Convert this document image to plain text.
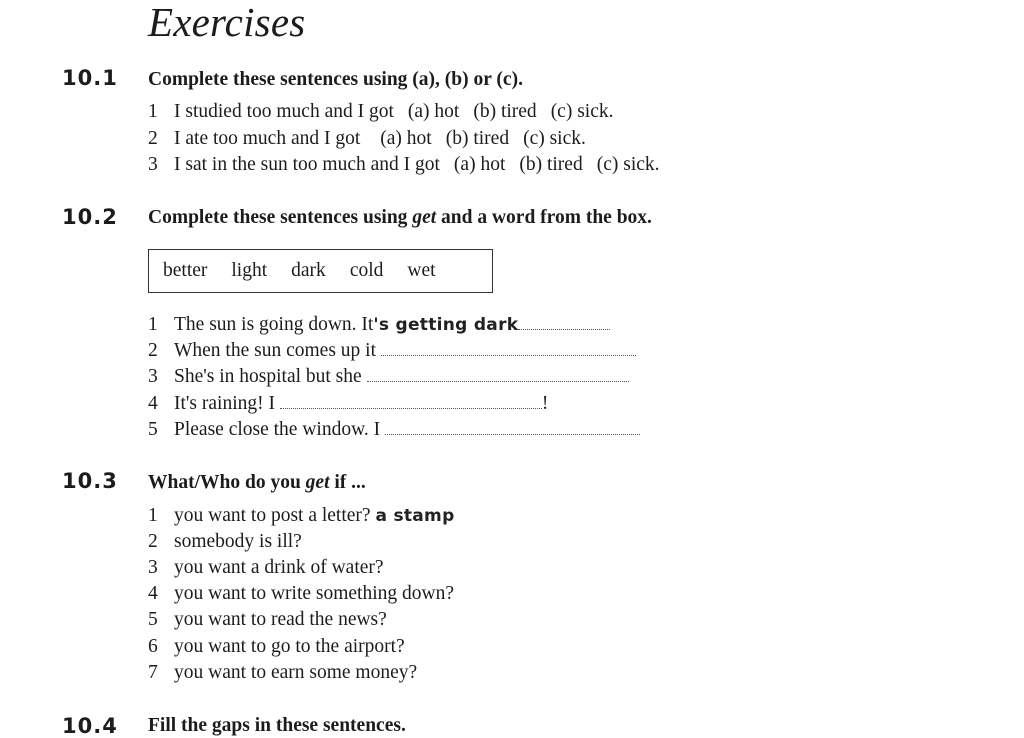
Exercises
10.1 Complete these sentences using (a), (b) or (c).
1 I studied too much and I got (a) hot (b) tired (c) sick.
2 I ate too much and I got (a) hot (b) tired (c) sick.
3 I sat in the sun too much and I got (a) hot (b) tired (c) sick.
10.2 Complete these sentences using get and a word from the box.
better light dark cold wet
1 The sun is going down. It's getting dark
2 When the sun comes up it
3 She's in hospital but she
4 It's raining! I	!
5 Please close the window. I
10.3 What/Who do you get if ...
1 you want to post a letter? a stamp
2 somebody is ill?
3 you want a drink of water?
4 you want to write something down?
5 you want to read the news?
6 you want to go to the airport?
7 you want to earn some money?
10.4 Fill the gaps in these sentences.
